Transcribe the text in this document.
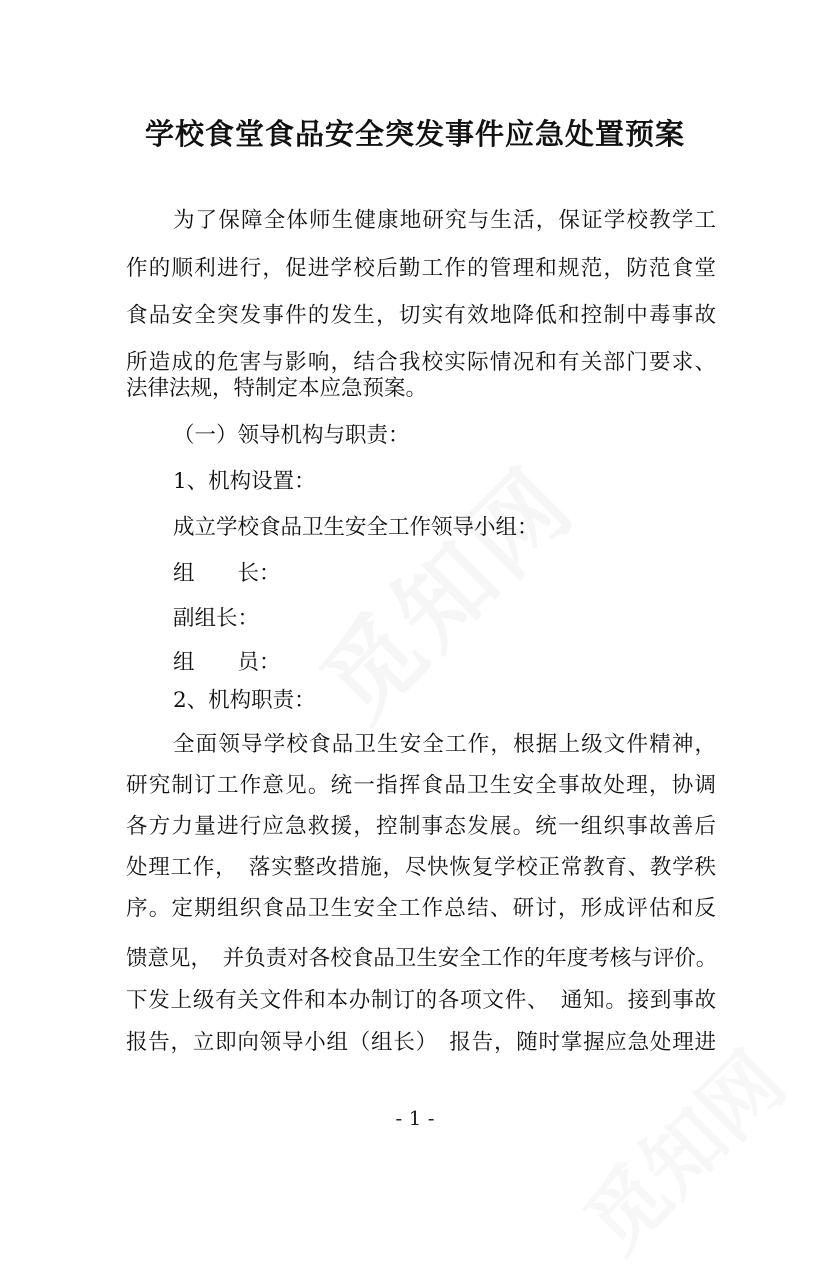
学校食堂食品安全突发事件应急处置预案
为了保障全体师生健康地研究与生活，保证学校教学工
作的顺利进行，促进学校后勤工作的管理和规范，防范食堂
食品安全突发事件的发生，切实有效地降低和控制中毒事故
所造成的危害与影响，结合我校实际情况和有关部门要求、
法律法规，特制定本应急预案。
（一）领导机构与职责：
1、机构设置：
成立学校食品卫生安全工作领导小组：
组　　长：
副组长：
组　　员：
2、机构职责：
全面领导学校食品卫生安全工作，根据上级文件精神，
研究制订工作意见。统一指挥食品卫生安全事故处理，协调
各方力量进行应急救援，控制事态发展。统一组织事故善后
处理工作，　落实整改措施，尽快恢复学校正常教育、教学秩
序。定期组织食品卫生安全工作总结、研讨，形成评估和反
馈意见，　并负责对各校食品卫生安全工作的年度考核与评价。
下发上级有关文件和本办制订的各项文件、　通知。接到事故
报告，立即向领导小组（组长）　报告，随时掌握应急处理进
- 1 -
